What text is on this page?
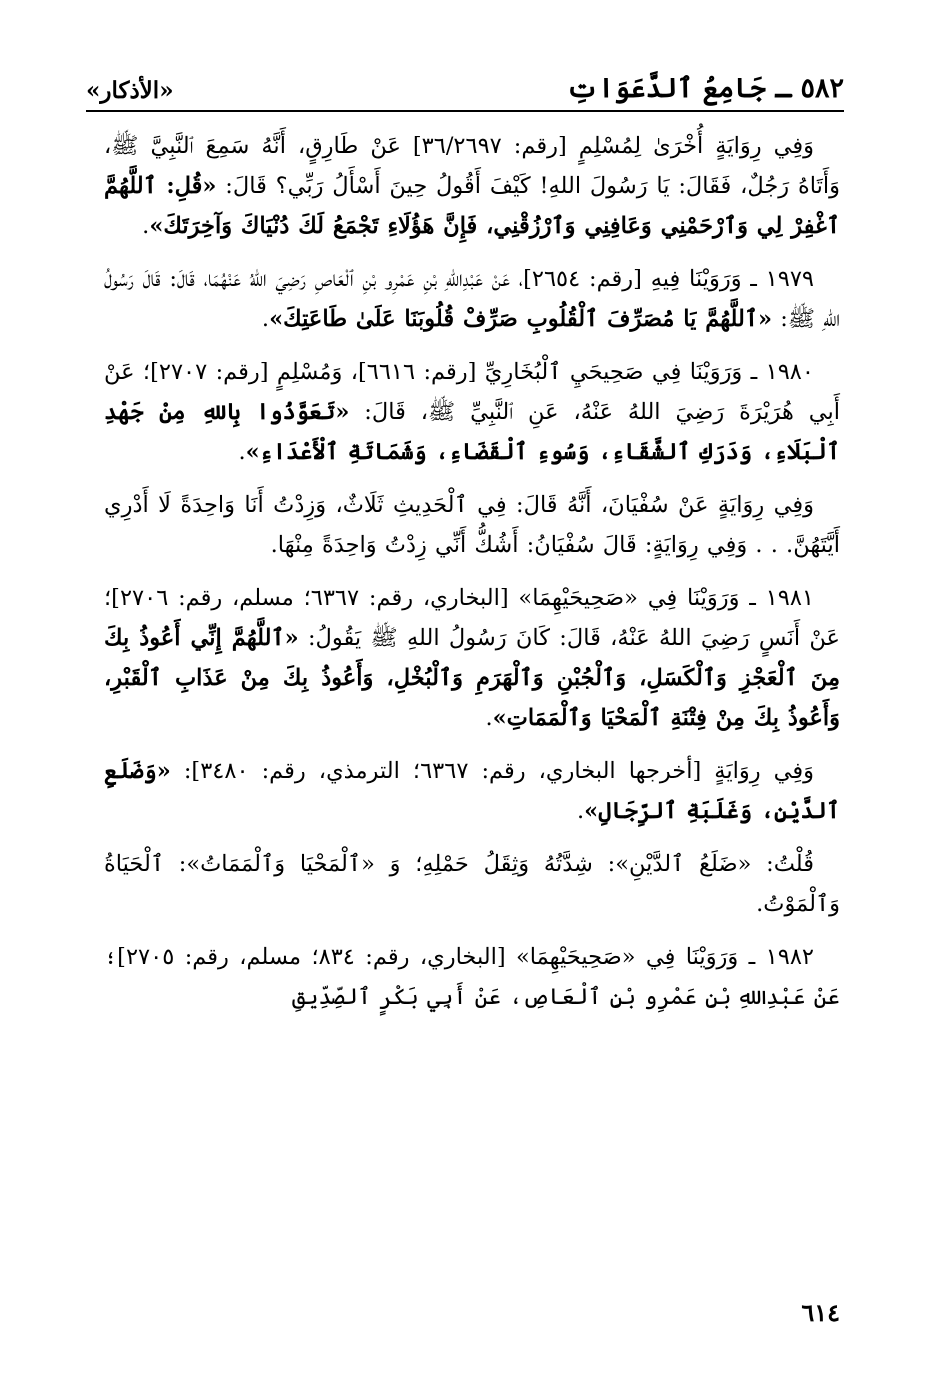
٥٨٢ ـ جَامِعُ ٱلدَّعَوَاتِ
«الأذكار»

وَفِي رِوَايَةٍ أُخْرَىٰ لِمُسْلِمٍ [رقم: ٣٦/٢٦٩٧] عَنْ طَارِقٍ، أَنَّهُ سَمِعَ ٱلنَّبِيَّ ﷺ، وَأَتَاهُ رَجُلٌ، فَقَالَ: يَا رَسُولَ اللهِ! كَيْفَ أَقُولُ حِينَ أَسْأَلُ رَبِّي؟ قَالَ: «قُلِ: ٱللَّهُمَّ ٱغْفِرْ لِي وَٱرْحَمْنِي وَعَافِنِي وَٱرْزُقْنِي، فَإِنَّ هَؤُلَاءِ تَجْمَعُ لَكَ دُنْيَاكَ وَآخِرَتَكَ».

١٩٧٩ ـ وَرَوَيْنَا فِيهِ [رقم: ٢٦٥٤]، عَنْ عَبْدِاللهِ بْنِ عَمْرِو بْنِ ٱلْعَاصِ رَضِيَ اللهُ عَنْهُمَا، قَالَ: قَالَ رَسُولُ اللهِ ﷺ: «ٱللَّهُمَّ يَا مُصَرِّفَ ٱلْقُلُوبِ صَرِّفْ قُلُوبَنَا عَلَىٰ طَاعَتِكَ».

١٩٨٠ ـ وَرَوَيْنَا فِي صَحِيحَيِ ٱلْبُخَارِيِّ [رقم: ٦٦١٦]، وَمُسْلِمٍ [رقم: ٢٧٠٧]؛ عَنْ أَبِي هُرَيْرَةَ رَضِيَ اللهُ عَنْهُ، عَنِ ٱلنَّبِيِّ ﷺ، قَالَ: «تَعَوَّذُوا بِاللهِ مِنْ جَهْدِ ٱلْبَلَاءِ، وَدَرَكِ ٱلشَّقَاءِ، وَسُوءِ ٱلْقَضَاءِ، وَشَمَاتَةِ ٱلْأَعْدَاءِ».

وَفِي رِوَايَةٍ عَنْ سُفْيَانَ، أَنَّهُ قَالَ: فِي ٱلْحَدِيثِ ثَلَاثٌ، وَزِدْتُ أَنَا وَاحِدَةً لَا أَدْرِي أَيَّتَهُنَّ. . . وَفِي رِوَايَةٍ: قَالَ سُفْيَانُ: أَشُكُّ أَنِّي زِدْتُ وَاحِدَةً مِنْهَا.

١٩٨١ ـ وَرَوَيْنَا فِي «صَحِيحَيْهِمَا» [البخاري، رقم: ٦٣٦٧؛ مسلم، رقم: ٢٧٠٦]؛ عَنْ أَنَسٍ رَضِيَ اللهُ عَنْهُ، قَالَ: كَانَ رَسُولُ اللهِ ﷺ يَقُولُ: «ٱللَّهُمَّ إِنِّي أَعُوذُ بِكَ مِنَ ٱلْعَجْزِ وَٱلْكَسَلِ، وَٱلْجُبْنِ وَٱلْهَرَمِ وَٱلْبُخْلِ، وَأَعُوذُ بِكَ مِنْ عَذَابِ ٱلْقَبْرِ، وَأَعُوذُ بِكَ مِنْ فِتْنَةِ ٱلْمَحْيَا وَٱلْمَمَاتِ».

وَفِي رِوَايَةٍ [أخرجها البخاري، رقم: ٦٣٦٧؛ الترمذي، رقم: ٣٤٨٠]: «وَضَلَعِ ٱلدَّيْنِ، وَغَلَبَةِ ٱلرِّجَالِ».

قُلْتُ: «ضَلَعُ ٱلدَّيْنِ»: شِدَّتُهُ وَثِقَلُ حَمْلِهِ؛ وَ «ٱلْمَحْيَا وَٱلْمَمَاتُ»: ٱلْحَيَاةُ وَٱلْمَوْتُ.

١٩٨٢ ـ وَرَوَيْنَا فِي «صَحِيحَيْهِمَا» [البخاري، رقم: ٨٣٤؛ مسلم، رقم: ٢٧٠٥]؛ عَنْ عَبْدِاللهِ بْنِ عَمْرِو بْنِ ٱلْعَاصِ، عَنْ أَبِي بَكْرٍ ٱلصِّدِّيقِ

٦١٤
